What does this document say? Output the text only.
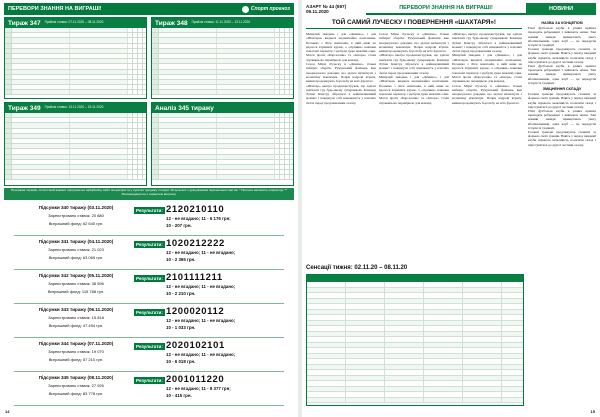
ПЕРЕВОРИ ЗНАННЯ НА ВИГРАШІ!	Спорт прогноз
Тираж 347 Прийом ставок: 07.11.2020 – 08.11.2020	Тираж 348 Прийом ставок: 11.11.2020 – 13.11.2020
Тираж 349 Прийом ставок: 13.11.2020 – 15.11.2020	Аналіз 345 тиражу
Програма тиражів, остаточний варіант програми на офіційному сайті оператора та у пунктах продажу лотереї. Результати з урахуванням перенесених матчів. * Прогноз належить оператору. ** Рекомендація не є гарантією виграшу.
Підсумки 340 тиражу (03.11.2020)
Зареєстровано ставок: 20 880
Виграшний фонд: 62 640 грн.
Результати: 2120210110
12 - не вгадано; 11 - 6 176 грн;
10 - 207 грн.
Підсумки 341 тиражу (04.11.2020)
Зареєстровано ставок: 21 023
Виграшний фонд: 63 069 грн.
Результати: 1020212222
12 - не вгадано; 11 - не вгадано;
10 - 2 365 грн.
Підсумки 342 тиражу (05.11.2020)
Зареєстровано ставок: 38 596
Виграшний фонд: 115 788 грн.
Результати: 2101111211
12 - не вгадано; 11 - не вгадано;
10 - 2 210 грн.
Підсумки 343 тиражу (06.11.2020)
Зареєстровано ставок: 15 818
Виграшний фонд: 47 454 грн.
Результати: 1200020112
12 - не вгадано; 11 - не вгадано;
10 - 1 033 грн.
Підсумки 344 тиражу (07.11.2020)
Зареєстровано ставок: 19 070
Виграшний фонд: 57 210 грн.
Результати: 2020102101
12 - не вгадано; 11 - не вгадано;
10 - 6 018 грн.
Підсумки 345 тиражу (08.11.2020)
Зареєстровано ставок: 27 926
Виграшний фонд: 83 778 грн.
Результати: 2001011220
12 - не вгадано; 11 - 8 377 грн;
10 - 415 грн.
14
АЗАРТ № 44 (597) 09.11.2020
ПЕРЕВОРИ ЗНАННЯ НА ВИГРАШІ!	НОВИНИ
ТОЙ САМИЙ ЛУЧЕСКУ І ПОВЕРНЕННЯ «ШАХТАРЯ»!

Минулий тиждень і для «Динамо», і для «Шахтаря» видався надзвичайно насиченим. Почнемо з Ліги чемпіонів, в якій киян не вдалося втримати кураж, а «гірники» навпаки показали характер і здобули дуже важливі очки. Матчі проти «Барселони» та «Інтера» стали справжньою перевіркою для команд.

Сезон Мірчі Луческу в «Динамо» тільки набирає обертів. Румунський фахівець вже неодноразово доводив, що здатен витиснути з колективу максимум. Попри кадрові втрати, кияни продовжують боротьбу на всіх фронтах.

«Шахтар» вкотре продемонстрував, що здатен нав'язати гру будь-якому суперникові. Команда Луїша Каштру зібралася в найважливіший момент і повернула собі впевненість у власних силах перед продовженням сезону.

Сезон Мірчі Луческу в «Динамо» тільки набирає обертів. Румунський фахівець вже неодноразово доводив, що здатен витиснути з колективу максимум. Попри кадрові втрати, кияни продовжують боротьбу на всіх фронтах.

«Шахтар» вкотре продемонстрував, що здатен нав'язати гру будь-якому суперникові. Команда Луїша Каштру зібралася в найважливіший момент і повернула собі впевненість у власних силах перед продовженням сезону.

Минулий тиждень і для «Динамо», і для «Шахтаря» видався надзвичайно насиченим. Почнемо з Ліги чемпіонів, в якій киян не вдалося втримати кураж, а «гірники» навпаки показали характер і здобули дуже важливі очки. Матчі проти «Барселони» та «Інтера» стали справжньою перевіркою для команд.

«Шахтар» вкотре продемонстрував, що здатен нав'язати гру будь-якому суперникові. Команда Луїша Каштру зібралася в найважливіший момент і повернула собі впевненість у власних силах перед продовженням сезону.

Минулий тиждень і для «Динамо», і для «Шахтаря» видався надзвичайно насиченим. Почнемо з Ліги чемпіонів, в якій киян не вдалося втримати кураж, а «гірники» навпаки показали характер і здобули дуже важливі очки. Матчі проти «Барселони» та «Інтера» стали справжньою перевіркою для команд.

Сезон Мірчі Луческу в «Динамо» тільки набирає обертів. Румунський фахівець вже неодноразово доводив, що здатен витиснути з колективу максимум. Попри кадрові втрати, кияни продовжують боротьбу на всіх фронтах.

НАЗВА ЗА КОНЦЕПОМ

Різні футбольні клуби в різних країнах проводять ребрендинг і змінюють назви. Такі новини завжди привертають увагу вболівальників, адже клуб — це передусім історія та традиції.

Головні тренери продовжують стежити за формою своїх гравців. Навіть у період пандемії клуби шукають можливість посилити склад і підготуватися до другої частини сезону.

Різні футбольні клуби в різних країнах проводять ребрендинг і змінюють назви. Такі новини завжди привертають увагу вболівальників, адже клуб — це передусім історія та традиції.

ЗМІЦНЕННЯ СКЛАДУ

Головні тренери продовжують стежити за формою своїх гравців. Навіть у період пандемії клуби шукають можливість посилити склад і підготуватися до другої частини сезону.

Різні футбольні клуби в різних країнах проводять ребрендинг і змінюють назви. Такі новини завжди привертають увагу вболівальників, адже клуб — це передусім історія та традиції.

Головні тренери продовжують стежити за формою своїх гравців. Навіть у період пандемії клуби шукають можливість посилити склад і підготуватися до другої частини сезону.

Сенсації тижня: 02.11.20 – 08.11.20
15
